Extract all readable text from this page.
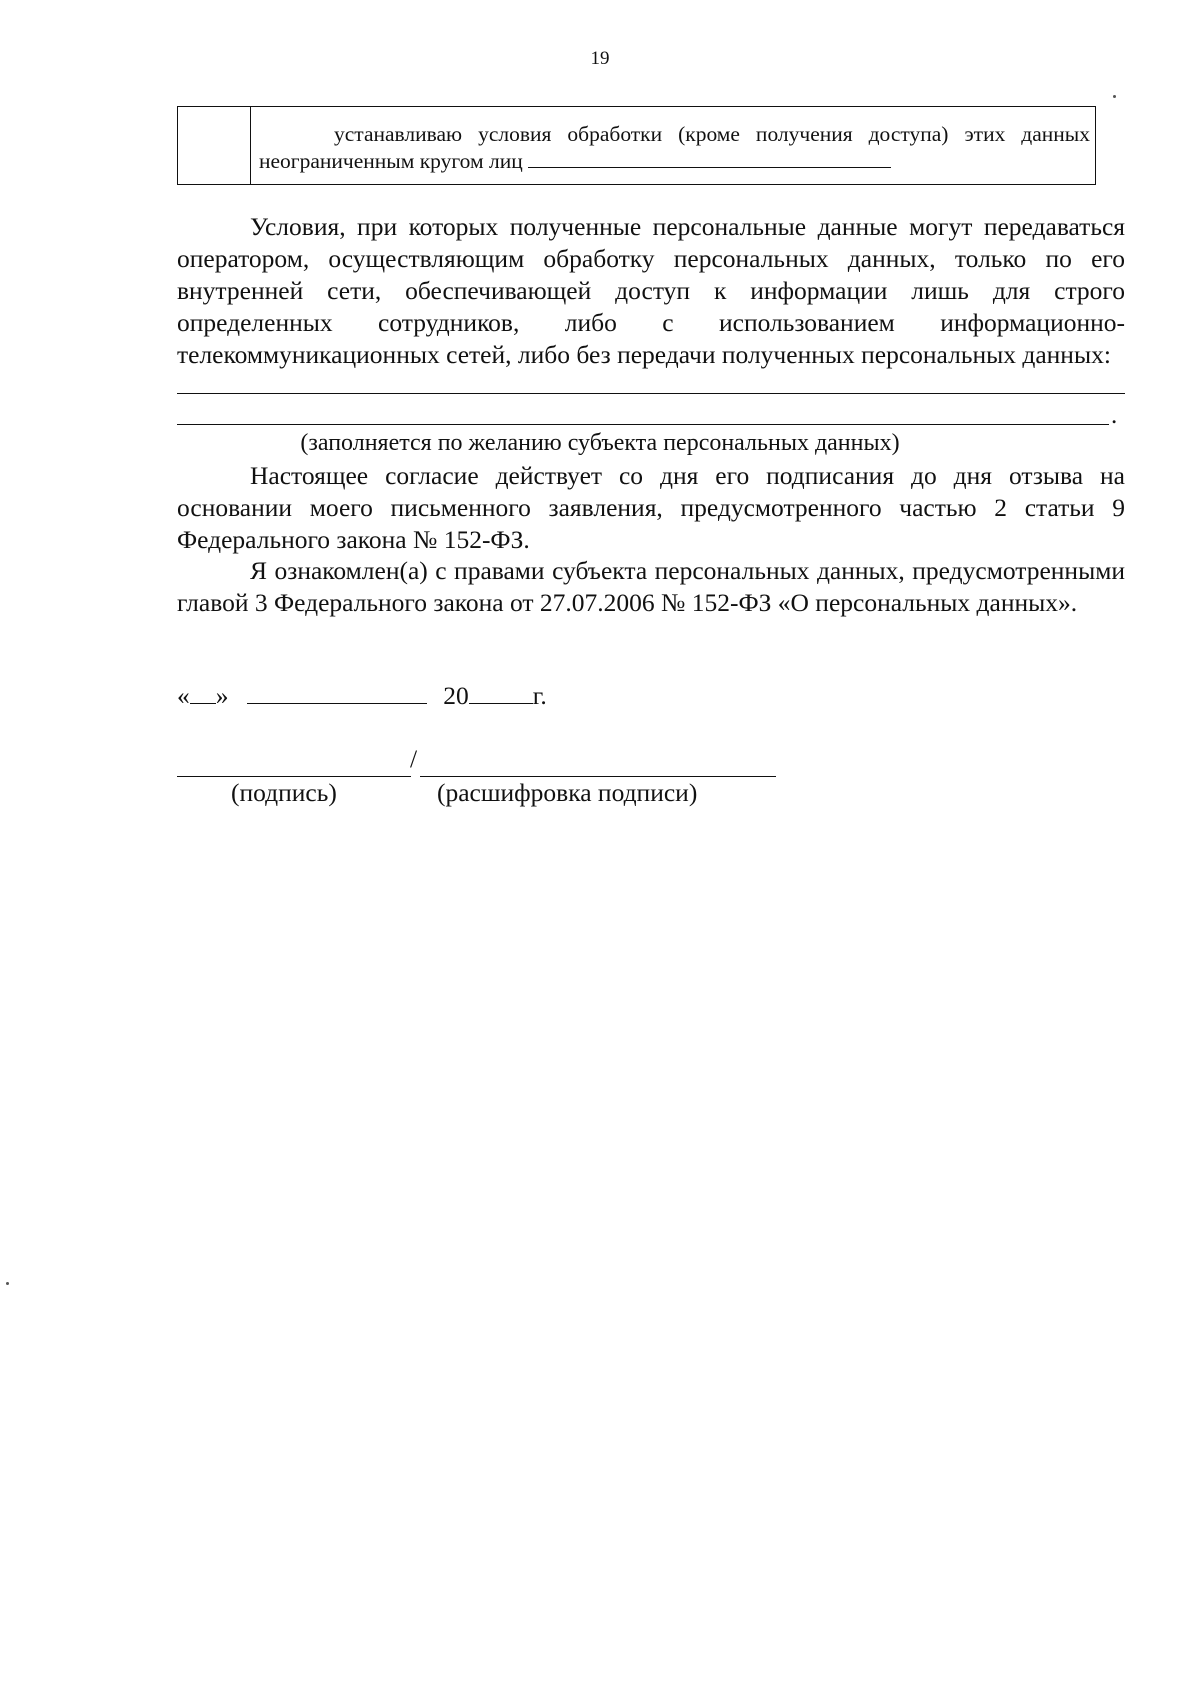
19
устанавливаю условия обработки (кроме получения доступа) этих данных неограниченным кругом лиц

Условия, при которых полученные персональные данные могут передаваться оператором, осуществляющим обработку персональных данных, только по его внутренней сети, обеспечивающей доступ к информации лишь для строго определенных сотрудников, либо с использованием информационно-телекоммуникационных сетей, либо без передачи полученных персональных данных:

.
(заполняется по желанию субъекта персональных данных)

Настоящее согласие действует со дня его подписания до дня отзыва на основании моего письменного заявления, предусмотренного частью 2 статьи 9 Федерального закона № 152-ФЗ.

Я ознакомлен(а) с правами субъекта персональных данных, предусмотренными главой 3 Федерального закона от 27.07.2006 № 152-ФЗ «О персональных данных».

« »	20	г.
/
(подпись)	(расшифровка подписи)
